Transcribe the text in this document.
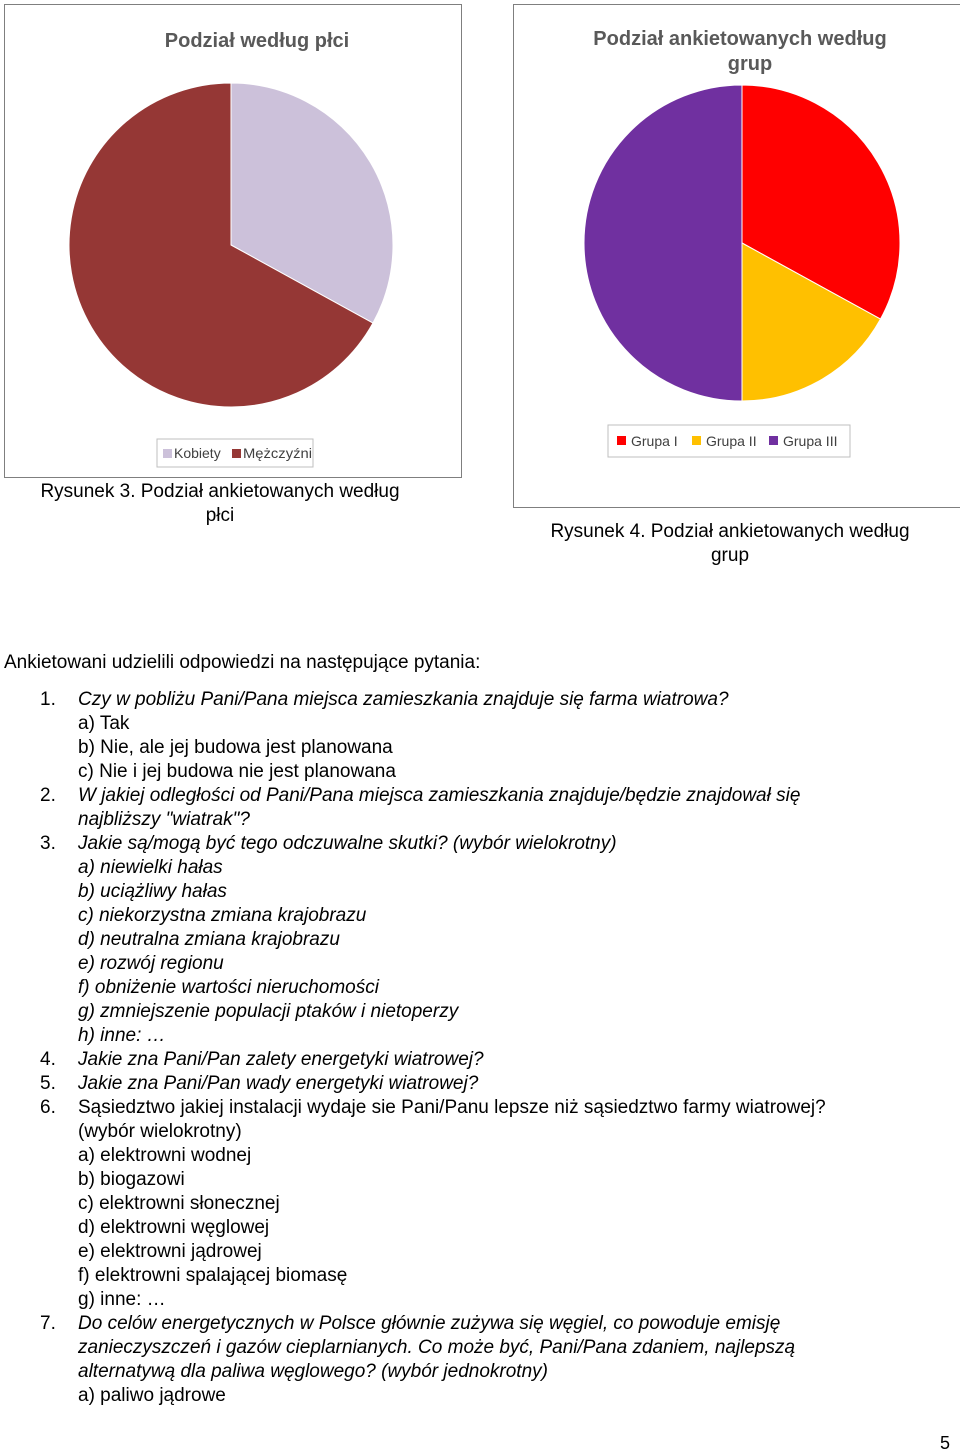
Podział według płci
Kobiety Mężczyźni
Podział ankietowanych według
grup
Grupa I Grupa II Grupa III
Rysunek 3. Podział ankietowanych według
płci
Rysunek 4. Podział ankietowanych według
grup
Ankietowani udzielili odpowiedzi na następujące pytania:
1. Czy w pobliżu Pani/Pana miejsca zamieszkania znajduje się farma wiatrowa?
a) Tak
b) Nie, ale jej budowa jest planowana
c) Nie i jej budowa nie jest planowana
2. W jakiej odległości od Pani/Pana miejsca zamieszkania znajduje/będzie znajdował się
najbliższy "wiatrak"?
3. Jakie są/mogą być tego odczuwalne skutki? (wybór wielokrotny)
a) niewielki hałas
b) uciążliwy hałas
c) niekorzystna zmiana krajobrazu
d) neutralna zmiana krajobrazu
e) rozwój regionu
f) obniżenie wartości nieruchomości
g) zmniejszenie populacji ptaków i nietoperzy
h) inne: …
4. Jakie zna Pani/Pan zalety energetyki wiatrowej?
5. Jakie zna Pani/Pan wady energetyki wiatrowej?
6. Sąsiedztwo jakiej instalacji wydaje sie Pani/Panu lepsze niż sąsiedztwo farmy wiatrowej?
(wybór wielokrotny)
a) elektrowni wodnej
b) biogazowi
c) elektrowni słonecznej
d) elektrowni węglowej
e) elektrowni jądrowej
f) elektrowni spalającej biomasę
g) inne: …
7. Do celów energetycznych w Polsce głównie zużywa się węgiel, co powoduje emisję
zanieczyszczeń i gazów cieplarnianych. Co może być, Pani/Pana zdaniem, najlepszą
alternatywą dla paliwa węglowego? (wybór jednokrotny)
a) paliwo jądrowe
5
